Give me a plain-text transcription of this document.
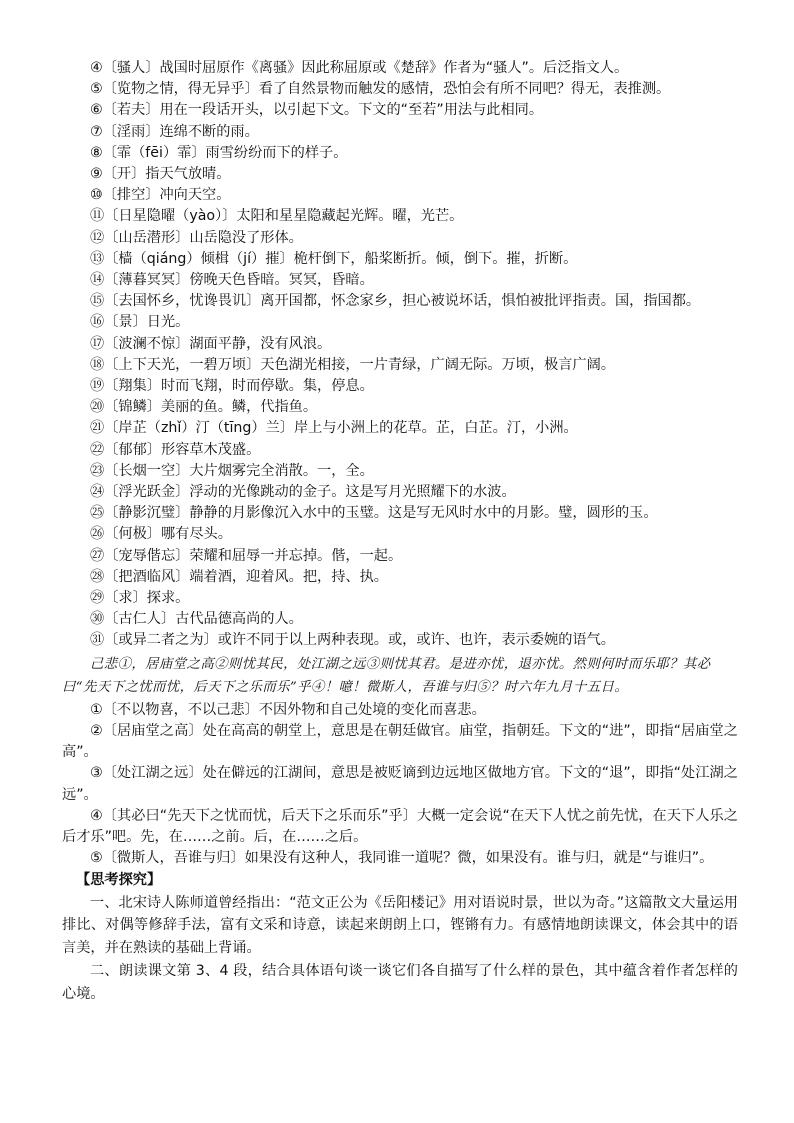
④〔骚人〕战国时屈原作《离骚》因此称屈原或《楚辞》作者为“骚人”。后泛指文人。
⑤〔览物之情，得无异乎〕看了自然景物而触发的感情，恐怕会有所不同吧？得无，表推测。
⑥〔若夫〕用在一段话开头，以引起下文。下文的“至若”用法与此相同。
⑦〔淫雨〕连绵不断的雨。
⑧〔霏（fēi）霏〕雨雪纷纷而下的样子。
⑨〔开〕指天气放晴。
⑩〔排空〕冲向天空。
⑪〔日星隐曜（yào）〕太阳和星星隐藏起光辉。曜，光芒。
⑫〔山岳潜形〕山岳隐没了形体。
⑬〔樯（qiáng）倾楫（jí）摧〕桅杆倒下，船桨断折。倾，倒下。摧，折断。
⑭〔薄暮冥冥〕傍晚天色昏暗。冥冥，昏暗。
⑮〔去国怀乡，忧谗畏讥〕离开国都，怀念家乡，担心被说坏话，惧怕被批评指责。国，指国都。
⑯〔景〕日光。
⑰〔波澜不惊〕湖面平静，没有风浪。
⑱〔上下天光，一碧万顷〕天色湖光相接，一片青绿，广阔无际。万顷，极言广阔。
⑲〔翔集〕时而飞翔，时而停歇。集，停息。
⑳〔锦鳞〕美丽的鱼。鳞，代指鱼。
㉑〔岸芷（zhǐ）汀（tīng）兰〕岸上与小洲上的花草。芷，白芷。汀，小洲。
㉒〔郁郁〕形容草木茂盛。
㉓〔长烟一空〕大片烟雾完全消散。一，全。
㉔〔浮光跃金〕浮动的光像跳动的金子。这是写月光照耀下的水波。
㉕〔静影沉璧〕静静的月影像沉入水中的玉璧。这是写无风时水中的月影。璧，圆形的玉。
㉖〔何极〕哪有尽头。
㉗〔宠辱偕忘〕荣耀和屈辱一并忘掉。偕，一起。
㉘〔把酒临风〕端着酒，迎着风。把，持、执。
㉙〔求〕探求。
㉚〔古仁人〕古代品德高尚的人。
㉛〔或异二者之为〕或许不同于以上两种表现。或，或许、也许，表示委婉的语气。
己悲①，居庙堂之高②则忧其民，处江湖之远③则忧其君。是进亦忧，退亦忧。然则何时而乐耶？其必曰“先天下之忧而忧，后天下之乐而乐”乎④！噫！微斯人，吾谁与归⑤？时六年九月十五日。
①〔不以物喜，不以己悲〕不因外物和自己处境的变化而喜悲。
②〔居庙堂之高〕处在高高的朝堂上，意思是在朝廷做官。庙堂，指朝廷。下文的“进”，即指“居庙堂之高”。
③〔处江湖之远〕处在僻远的江湖间，意思是被贬谪到边远地区做地方官。下文的“退”，即指“处江湖之远”。
④〔其必曰“先天下之忧而忧，后天下之乐而乐”乎〕大概一定会说“在天下人忧之前先忧，在天下人乐之后才乐”吧。先，在……之前。后，在……之后。
⑤〔微斯人，吾谁与归〕如果没有这种人，我同谁一道呢？微，如果没有。谁与归，就是“与谁归”。
【思考探究】
一、北宋诗人陈师道曾经指出：“范文正公为《岳阳楼记》用对语说时景，世以为奇。”这篇散文大量运用排比、对偶等修辞手法，富有文采和诗意，读起来朗朗上口，铿锵有力。有感情地朗读课文，体会其中的语言美，并在熟读的基础上背诵。
二、朗读课文第 3、4 段，结合具体语句谈一谈它们各自描写了什么样的景色，其中蕴含着作者怎样的心境。
